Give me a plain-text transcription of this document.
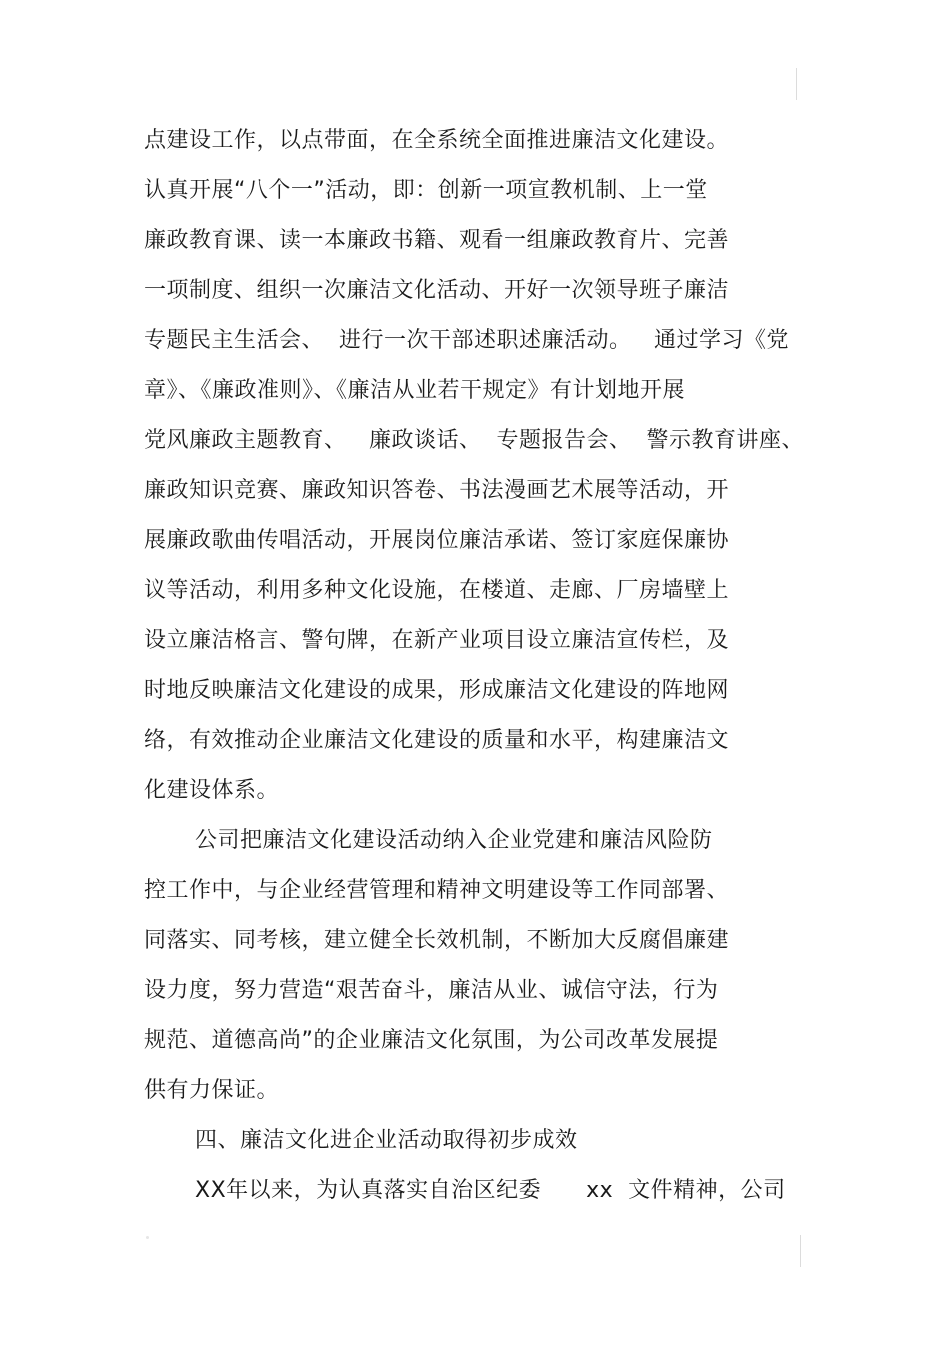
点建设工作，以点带面，在全系统全面推进廉洁文化建设。
认真开展“八个一”活动，即：创新一项宣教机制、上一堂
廉政教育课、读一本廉政书籍、观看一组廉政教育片、完善
一项制度、组织一次廉洁文化活动、开好一次领导班子廉洁
专题民主生活会、  进行一次干部述职述廉活动。   通过学习《党
章》、《廉政准则》、《廉洁从业若干规定》有计划地开展
党风廉政主题教育、   廉政谈话、  专题报告会、  警示教育讲座、
廉政知识竞赛、廉政知识答卷、书法漫画艺术展等活动，开
展廉政歌曲传唱活动，开展岗位廉洁承诺、签订家庭保廉协
议等活动，利用多种文化设施，在楼道、走廊、厂房墙壁上
设立廉洁格言、警句牌，在新产业项目设立廉洁宣传栏，及
时地反映廉洁文化建设的成果，形成廉洁文化建设的阵地网
络，有效推动企业廉洁文化建设的质量和水平，构建廉洁文
化建设体系。
公司把廉洁文化建设活动纳入企业党建和廉洁风险防
控工作中，与企业经营管理和精神文明建设等工作同部署、
同落实、同考核，建立健全长效机制，不断加大反腐倡廉建
设力度，努力营造“艰苦奋斗，廉洁从业、诚信守法，行为
规范、道德高尚”的企业廉洁文化氛围，为公司改革发展提
供有力保证。
四、廉洁文化进企业活动取得初步成效
XX年以来，为认真落实自治区纪委      xx  文件精神，公司
